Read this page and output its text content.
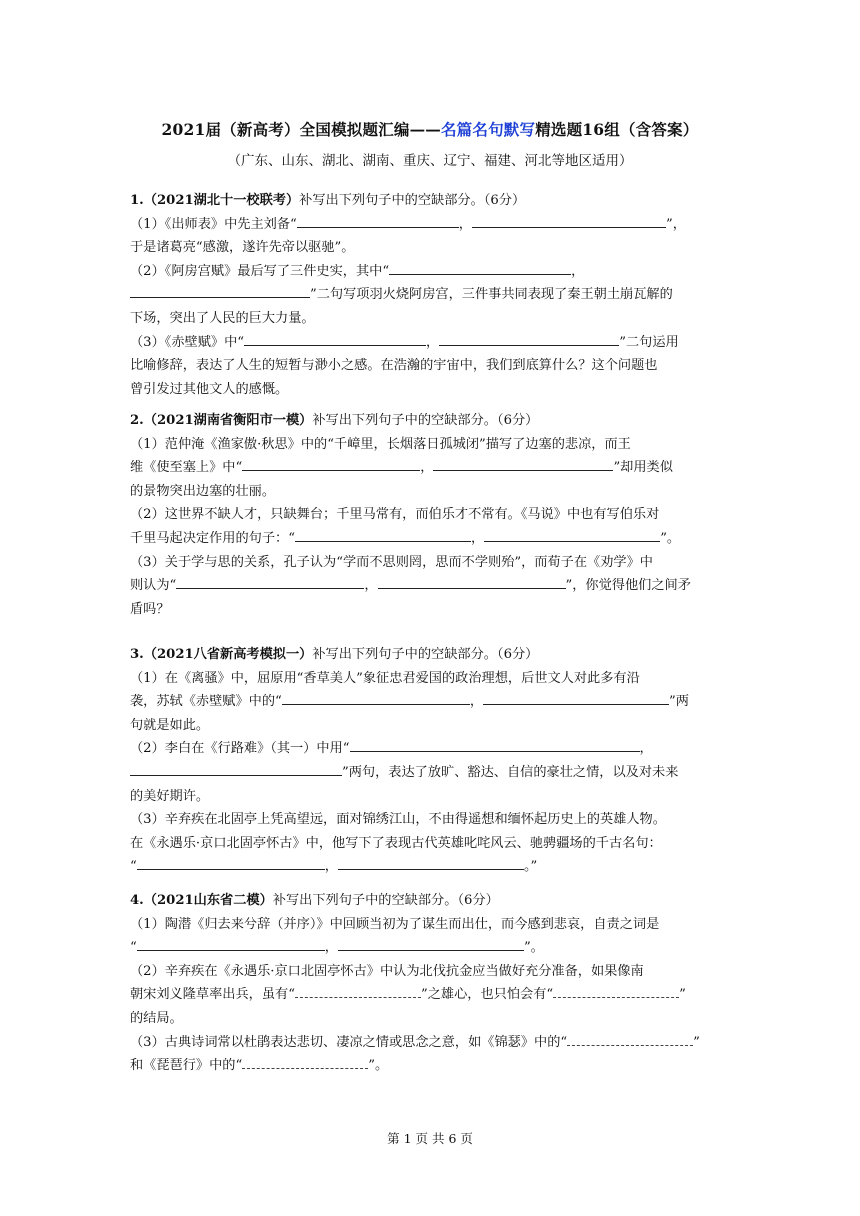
2021届（新高考）全国模拟题汇编——名篇名句默写精选题16组（含答案）
（广东、山东、湖北、湖南、重庆、辽宁、福建、河北等地区适用）

1.（2021湖北十一校联考）补写出下列句子中的空缺部分。（6分）

（1）《出师表》中先主刘备“	，	”，

于是诸葛亮“感激，遂许先帝以驱驰”。

（2）《阿房宫赋》最后写了三件史实，其中“	，

”二句写项羽火烧阿房宫，三件事共同表现了秦王朝土崩瓦解的

下场，突出了人民的巨大力量。

（3）《赤壁赋》中“	，	”二句运用

比喻修辞，表达了人生的短暂与渺小之感。在浩瀚的宇宙中，我们到底算什么？这个问题也

曾引发过其他文人的感慨。

2.（2021湖南省衡阳市一模）补写出下列句子中的空缺部分。（6分）

（1）范仲淹《渔家傲·秋思》中的“千嶂里，长烟落日孤城闭”描写了边塞的悲凉，而王

维《使至塞上》中“	，	”却用类似

的景物突出边塞的壮丽。

（2）这世界不缺人才，只缺舞台；千里马常有，而伯乐才不常有。《马说》中也有写伯乐对

千里马起决定作用的句子：“	，	”。

（3）关于学与思的关系，孔子认为“学而不思则罔，思而不学则殆”，而荀子在《劝学》中

则认为“	，	”，你觉得他们之间矛

盾吗？

3.（2021八省新高考模拟一）补写出下列句子中的空缺部分。（6分）

（1）在《离骚》中，屈原用“香草美人”象征忠君爱国的政治理想，后世文人对此多有沿

袭，苏轼《赤壁赋》中的“	，	”两

句就是如此。

（2）李白在《行路难》（其一）中用“	，

”两句，表达了放旷、豁达、自信的豪壮之情，以及对未来

的美好期许。

（3）辛弃疾在北固亭上凭高望远，面对锦绣江山，不由得遥想和缅怀起历史上的英雄人物。

在《永遇乐·京口北固亭怀古》中，他写下了表现古代英雄叱咤风云、驰骋疆场的千古名句：

“	，	。”

4.（2021山东省二模）补写出下列句子中的空缺部分。（6分）

（1）陶潜《归去来兮辞（并序）》中回顾当初为了谋生而出仕，而今感到悲哀，自责之词是

“	，	”。

（2）辛弃疾在《永遇乐·京口北固亭怀古》中认为北伐抗金应当做好充分准备，如果像南

朝宋刘义隆草率出兵，虽有“	”之雄心，也只怕会有“	”

的结局。

（3）古典诗词常以杜鹃表达悲切、凄凉之情或思念之意，如《锦瑟》中的“	”

和《琵琶行》中的“	”。

第 1 页 共 6 页
